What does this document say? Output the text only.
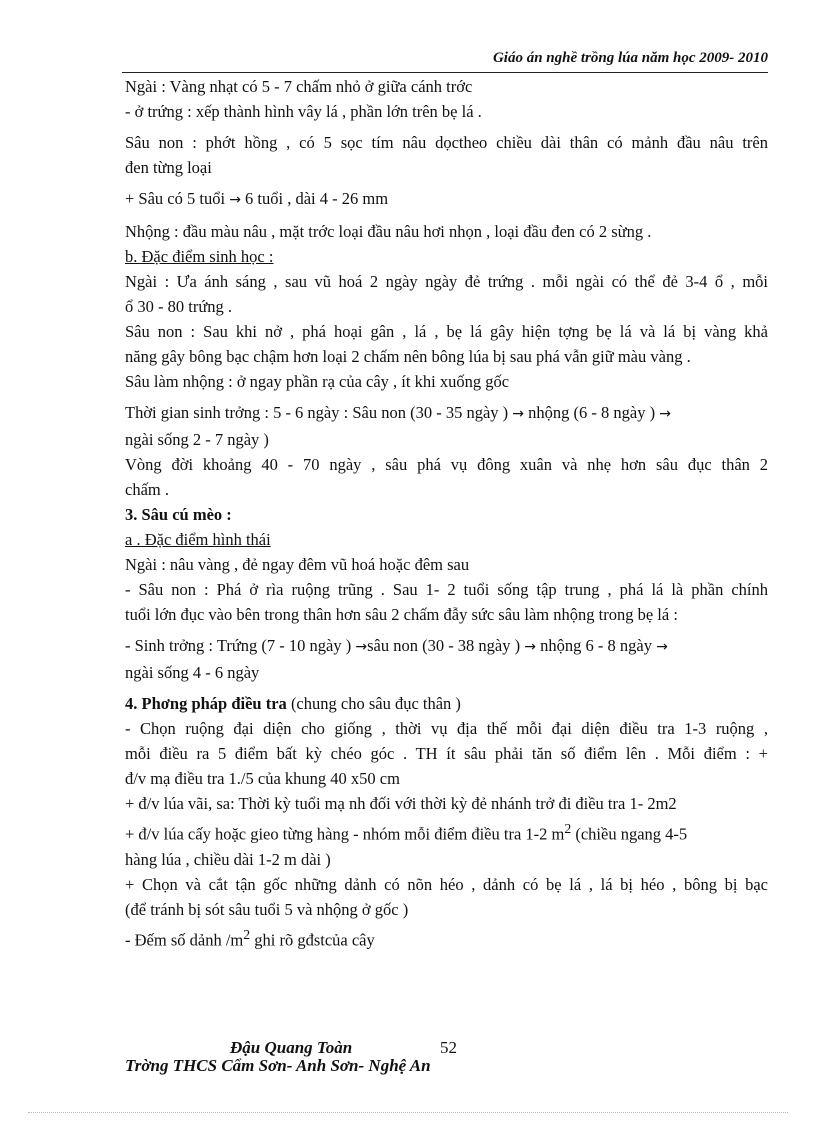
Giáo án nghề trồng lúa năm học 2009- 2010
Ngài : Vàng nhạt có 5 - 7 chấm nhỏ ở giữa cánh trớc
- ở trứng : xếp thành hình vây lá , phần lớn trên bẹ lá .
Sâu non : phớt hồng , có 5 sọc tím nâu dọctheo chiều dài thân có mảnh đầu nâu trên
đen từng loại
+ Sâu có 5 tuổi → 6 tuổi , dài 4 - 26 mm
Nhộng : đầu màu nâu , mặt trớc loại đầu nâu hơi nhọn , loại đầu đen có 2 sừng .
b. Đặc điểm sinh học :
Ngài : Ưa ánh sáng , sau vũ hoá 2 ngày ngày đẻ trứng . mỗi ngài có thể đẻ 3-4 ổ , mỗi
ổ 30 - 80 trứng .
Sâu non : Sau khi nở , phá hoại gân , lá , bẹ lá gây hiện tợng bẹ lá và lá bị vàng khả
năng gây bông bạc chậm hơn loại 2 chấm nên bông lúa bị sau phá vẫn giữ màu vàng .
Sâu làm nhộng : ở ngay phần rạ của cây , ít khi xuống gốc
Thời gian sinh trởng : 5 - 6 ngày : Sâu non (30 - 35 ngày ) → nhộng (6 - 8 ngày ) →
ngài sống 2 - 7 ngày )
Vòng đời khoảng 40 - 70 ngày , sâu phá vụ đông xuân và nhẹ hơn sâu đục thân 2
chấm .
3. Sâu cú mèo :
a . Đặc điểm hình thái
Ngài : nâu vàng , đẻ ngay đêm vũ hoá hoặc đêm sau
- Sâu non : Phá ở rìa ruộng trũng . Sau 1- 2 tuổi sống tập trung , phá lá là phần chính
tuổi lớn đục vào bên trong thân hơn sâu 2 chấm đẫy sức sâu làm nhộng trong bẹ lá :
- Sinh trởng : Trứng (7 - 10 ngày ) →sâu non (30 - 38 ngày ) → nhộng 6 - 8 ngày →
ngài sống 4 - 6 ngày
4. Phơng pháp điều tra (chung cho sâu đục thân )
- Chọn ruộng đại diện cho giống , thời vụ địa thế mỗi đại diện điều tra 1-3 ruộng ,
mỗi điều ra 5 điểm bất kỳ chéo góc . TH ít sâu phải tăn số điểm lên . Mỗi điểm : +
đ/v mạ điều tra 1./5 của khung 40 x50 cm
+ đ/v lúa vãi, sa: Thời kỳ tuổi mạ nh đối với thời kỳ đẻ nhánh trở đi điều tra 1- 2m2
+ đ/v lúa cấy hoặc gieo từng hàng - nhóm mỗi điểm điều tra 1-2 $m^2$ (chiều ngang 4-5
hàng lúa , chiều dài 1-2 m dài )
+ Chọn và cắt tận gốc những dảnh có nõn héo , dảnh có bẹ lá , lá bị héo , bông bị bạc
(để tránh bị sót sâu tuổi 5 và nhộng ở gốc )
- Đếm số dảnh $/m^2$ ghi rõ gđstcủa cây
Đậu Quang Toàn	52
Trờng THCS Cẩm Sơn- Anh Sơn- Nghệ An
